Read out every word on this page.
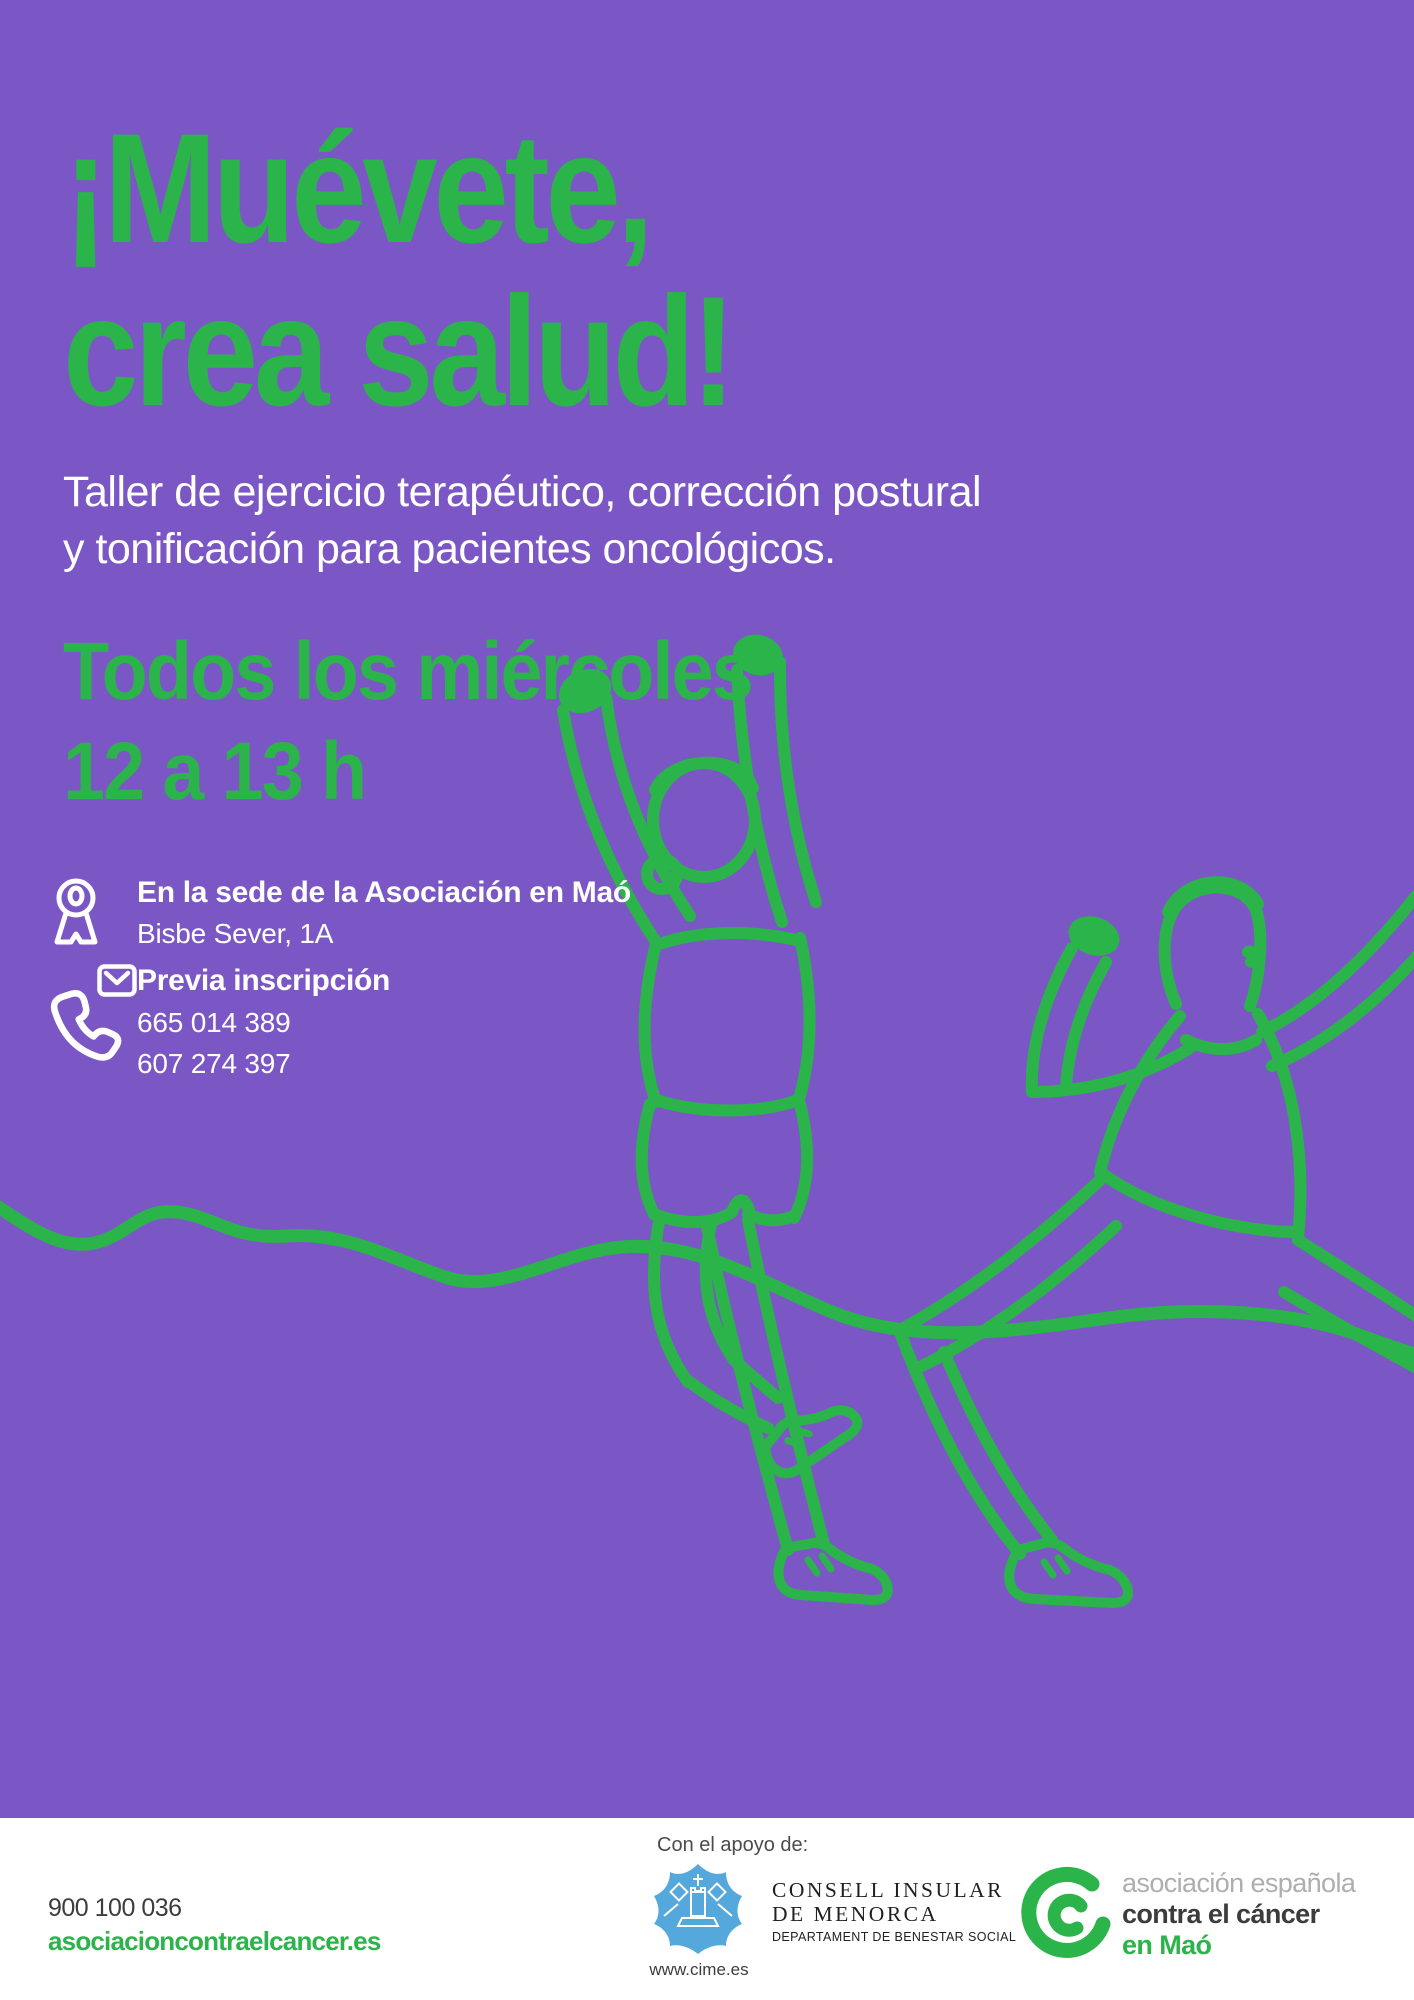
¡Muévete,
crea salud!
Taller de ejercicio terapéutico, corrección postural
y tonificación para pacientes oncológicos.
Todos los miércoles
12 a 13 h
En la sede de la Asociación en Maó
Bisbe Sever, 1A
Previa inscripción
665 014 389
607 274 397
900 100 036
asociacioncontraelcancer.es
Con el apoyo de:
www.cime.es
CONSELL INSULAR
DE MENORCA
DEPARTAMENT DE BENESTAR SOCIAL
asociación española
contra el cáncer
en Maó
